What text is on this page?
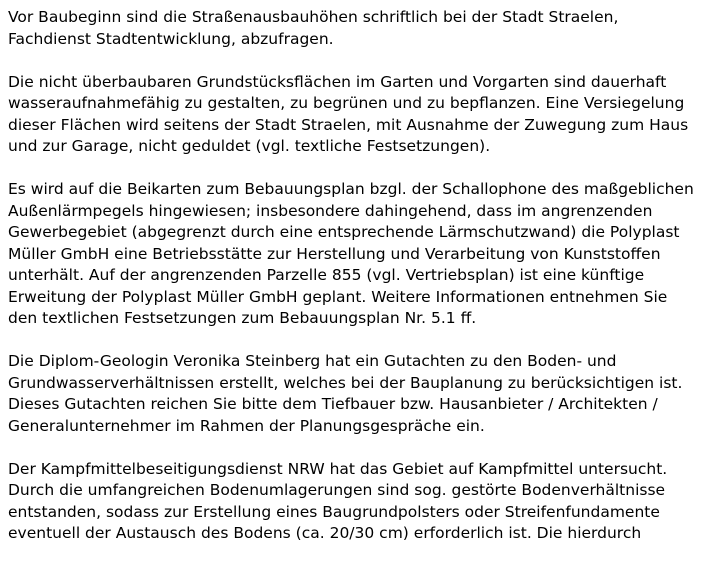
Vor Baubeginn sind die Straßenausbauhöhen schriftlich bei der Stadt Straelen,
Fachdienst Stadtentwicklung, abzufragen.

Die nicht überbaubaren Grundstücksflächen im Garten und Vorgarten sind dauerhaft
wasseraufnahmefähig zu gestalten, zu begrünen und zu bepflanzen. Eine Versiegelung
dieser Flächen wird seitens der Stadt Straelen, mit Ausnahme der Zuwegung zum Haus
und zur Garage, nicht geduldet (vgl. textliche Festsetzungen).

Es wird auf die Beikarten zum Bebauungsplan bzgl. der Schallophone des maßgeblichen
Außenlärmpegels hingewiesen; insbesondere dahingehend, dass im angrenzenden
Gewerbegebiet (abgegrenzt durch eine entsprechende Lärmschutzwand) die Polyplast
Müller GmbH eine Betriebsstätte zur Herstellung und Verarbeitung von Kunststoffen
unterhält. Auf der angrenzenden Parzelle 855 (vgl. Vertriebsplan) ist eine künftige
Erweitung der Polyplast Müller GmbH geplant. Weitere Informationen entnehmen Sie
den textlichen Festsetzungen zum Bebauungsplan Nr. 5.1 ff.

Die Diplom-Geologin Veronika Steinberg hat ein Gutachten zu den Boden- und
Grundwasserverhältnissen erstellt, welches bei der Bauplanung zu berücksichtigen ist.
Dieses Gutachten reichen Sie bitte dem Tiefbauer bzw. Hausanbieter / Architekten /
Generalunternehmer im Rahmen der Planungsgespräche ein.

Der Kampfmittelbeseitigungsdienst NRW hat das Gebiet auf Kampfmittel untersucht.
Durch die umfangreichen Bodenumlagerungen sind sog. gestörte Bodenverhältnisse
entstanden, sodass zur Erstellung eines Baugrundpolsters oder Streifenfundamente
eventuell der Austausch des Bodens (ca. 20/30 cm) erforderlich ist. Die hierdurch
